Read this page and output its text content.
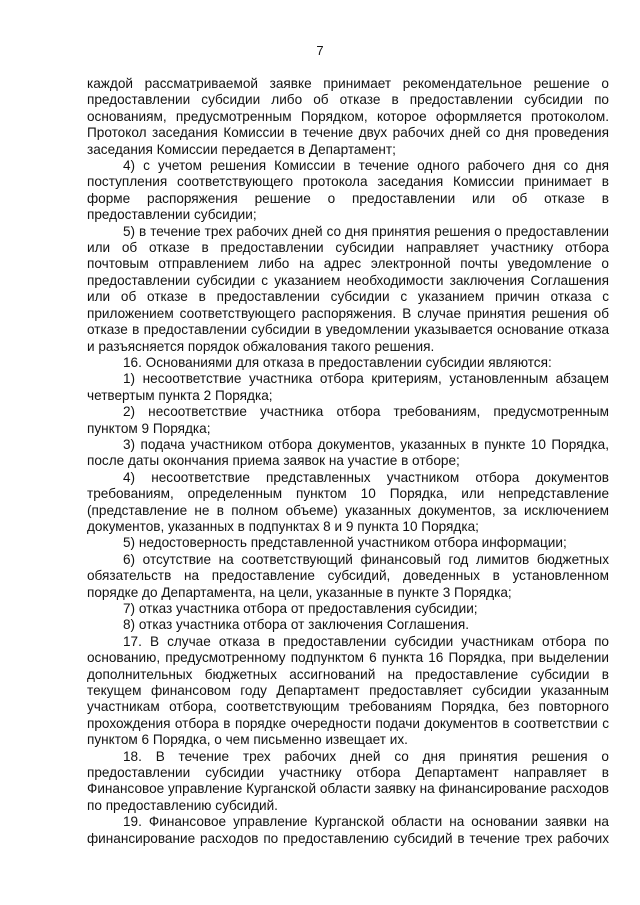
7

каждой рассматриваемой заявке принимает рекомендательное решение о предоставлении субсидии либо об отказе в предоставлении субсидии по основаниям, предусмотренным Порядком, которое оформляется протоколом. Протокол заседания Комиссии в течение двух рабочих дней со дня проведения заседания Комиссии передается в Департамент;

4) с учетом решения Комиссии в течение одного рабочего дня со дня поступления соответствующего протокола заседания Комиссии принимает в форме распоряжения решение о предоставлении или об отказе в предоставлении субсидии;

5) в течение трех рабочих дней со дня принятия решения о предоставлении или об отказе в предоставлении субсидии направляет участнику отбора почтовым отправлением либо на адрес электронной почты уведомление о предоставлении субсидии с указанием необходимости заключения Соглашения или об отказе в предоставлении субсидии с указанием причин отказа с приложением соответствующего распоряжения. В случае принятия решения об отказе в предоставлении субсидии в уведомлении указывается основание отказа и разъясняется порядок обжалования такого решения.

16. Основаниями для отказа в предоставлении субсидии являются:

1) несоответствие участника отбора критериям, установленным абзацем четвертым пункта 2 Порядка;

2) несоответствие участника отбора требованиям, предусмотренным пунктом 9 Порядка;

3) подача участником отбора документов, указанных в пункте 10 Порядка, после даты окончания приема заявок на участие в отборе;

4) несоответствие представленных участником отбора документов требованиям, определенным пунктом 10 Порядка, или непредставление (представление не в полном объеме) указанных документов, за исключением документов, указанных в подпунктах 8 и 9 пункта 10 Порядка;

5) недостоверность представленной участником отбора информации;

6) отсутствие на соответствующий финансовый год лимитов бюджетных обязательств на предоставление субсидий, доведенных в установленном порядке до Департамента, на цели, указанные в пункте 3 Порядка;

7) отказ участника отбора от предоставления субсидии;

8) отказ участника отбора от заключения Соглашения.

17. В случае отказа в предоставлении субсидии участникам отбора по основанию, предусмотренному подпунктом 6 пункта 16 Порядка, при выделении дополнительных бюджетных ассигнований на предоставление субсидии в текущем финансовом году Департамент предоставляет субсидии указанным участникам отбора, соответствующим требованиям Порядка, без повторного прохождения отбора в порядке очередности подачи документов в соответствии с пунктом 6 Порядка, о чем письменно извещает их.

18. В течение трех рабочих дней со дня принятия решения о предоставлении субсидии участнику отбора Департамент направляет в Финансовое управление Курганской области заявку на финансирование расходов по предоставлению субсидий.

19. Финансовое управление Курганской области на основании заявки на финансирование расходов по предоставлению субсидий в течение трех рабочих
